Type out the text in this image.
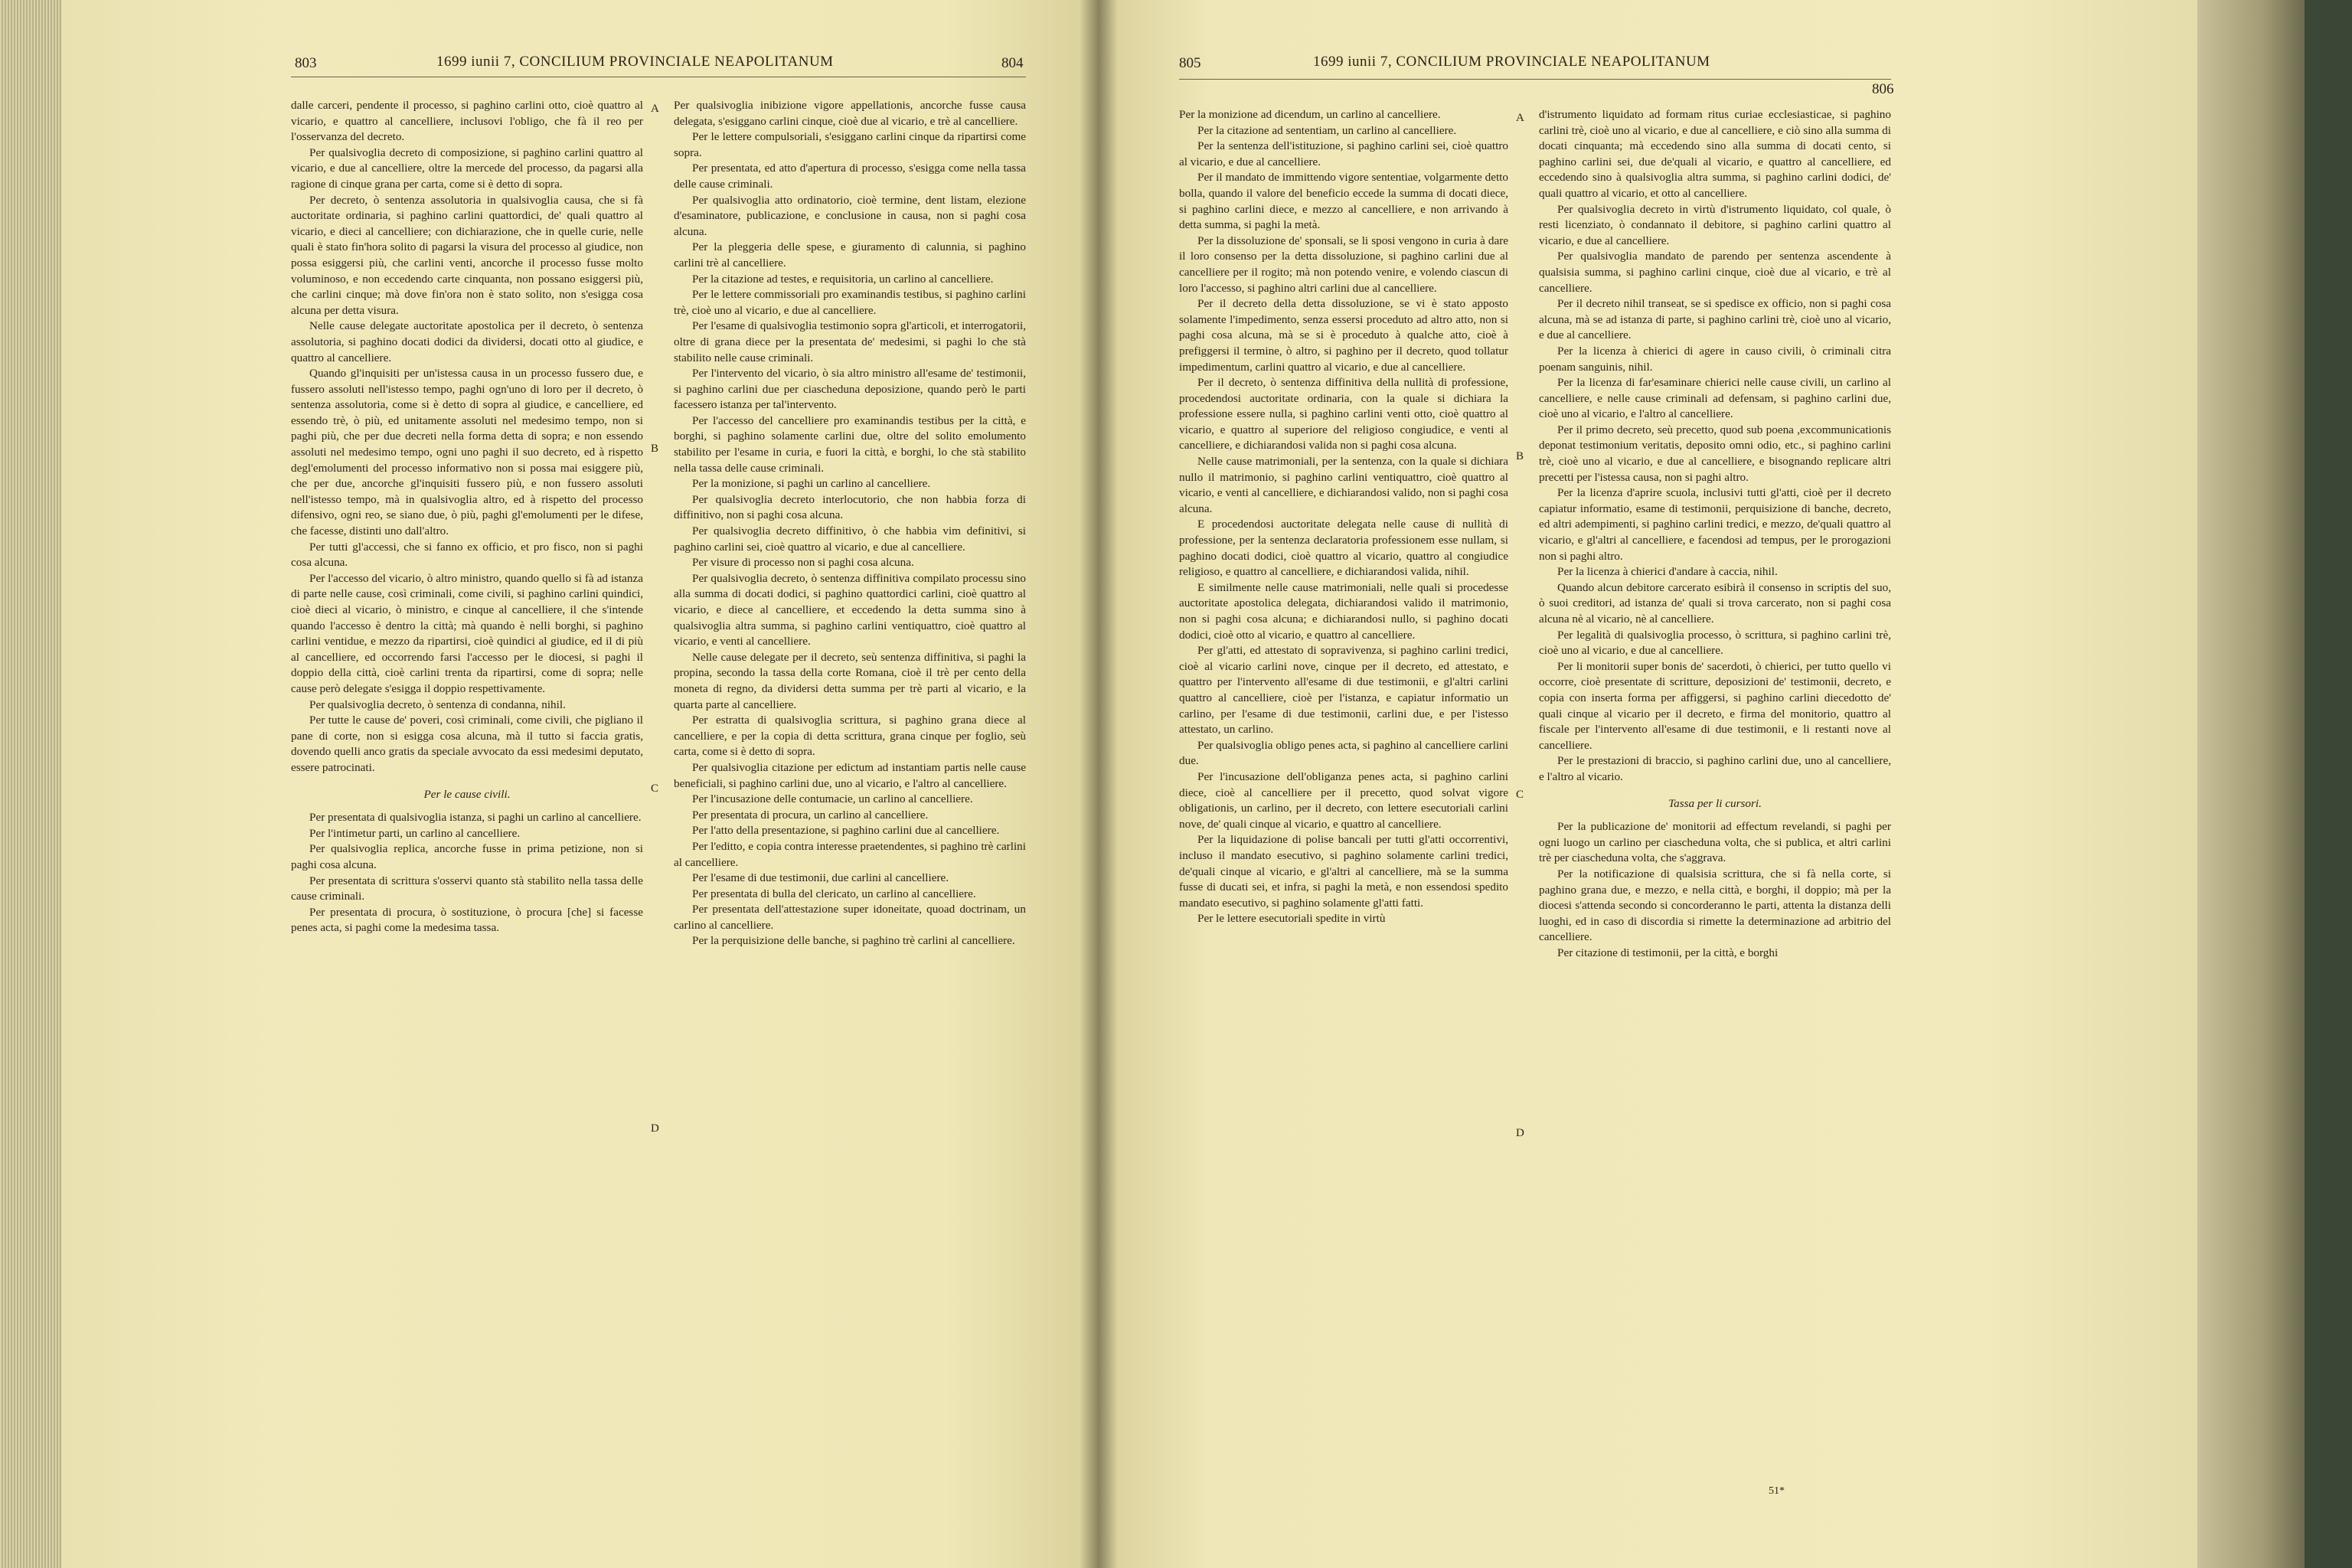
803	1699 iunii 7, CONCILIUM PROVINCIALE NEAPOLITANUM	804

dalle carceri, pendente il processo, si paghino carlini otto, cioè quattro al vicario, e quattro al cancelliere, inclusovi l'obligo, che fà il reo per l'osservanza del decreto.

Per qualsivoglia decreto di composizione, si paghino carlini quattro al vicario, e due al cancelliere, oltre la mercede del processo, da pagarsi alla ragione di cinque grana per carta, come si è detto di sopra.

Per decreto, ò sentenza assolutoria in qualsivoglia causa, che si fà auctoritate ordinaria, si paghino carlini quattordici, de' quali quattro al vicario, e dieci al cancelliere; con dichiarazione, che in quelle curie, nelle quali è stato fin'hora solito di pagarsi la visura del processo al giudice, non possa esiggersi più, che carlini venti, ancorche il processo fusse molto voluminoso, e non eccedendo carte cinquanta, non possano esiggersi più, che carlini cinque; mà dove fin'ora non è stato solito, non s'esigga cosa alcuna per detta visura.

Nelle cause delegate auctoritate apostolica per il decreto, ò sentenza assolutoria, si paghino docati dodici da dividersi, docati otto al giudice, e quattro al cancelliere.

Quando gl'inquisiti per un'istessa causa in un processo fussero due, e fussero assoluti nell'istesso tempo, paghi ogn'uno di loro per il decreto, ò sentenza assolutoria, come si è detto di sopra al giudice, e cancelliere, ed essendo trè, ò più, ed unitamente assoluti nel medesimo tempo, non si paghi più, che per due decreti nella forma detta di sopra; e non essendo assoluti nel medesimo tempo, ogni uno paghi il suo decreto, ed à rispetto degl'emolumenti del processo informativo non si possa mai esiggere più, che per due, ancorche gl'inquisiti fussero più, e non fussero assoluti nell'istesso tempo, mà in qualsivoglia altro, ed à rispetto del processo difensivo, ogni reo, se siano due, ò più, paghi gl'emolumenti per le difese, che facesse, distinti uno dall'altro.

Per tutti gl'accessi, che si fanno ex officio, et pro fisco, non si paghi cosa alcuna.

Per l'accesso del vicario, ò altro ministro, quando quello si fà ad istanza di parte nelle cause, così criminali, come civili, si paghino carlini quindici, cioè dieci al vicario, ò ministro, e cinque al cancelliere, il che s'intende quando l'accesso è dentro la città; mà quando è nelli borghi, si paghino carlini ventidue, e mezzo da ripartirsi, cioè quindici al giudice, ed il di più al cancelliere, ed occorrendo farsi l'accesso per le diocesi, si paghi il doppio della città, cioè carlini trenta da ripartirsi, come di sopra; nelle cause però delegate s'esigga il doppio respettivamente.

Per qualsivoglia decreto, ò sentenza di condanna, nihil.

Per tutte le cause de' poveri, così criminali, come civili, che pigliano il pane di corte, non si esigga cosa alcuna, mà il tutto si faccia gratis, dovendo quelli anco gratis da speciale avvocato da essi medesimi deputato, essere patrocinati.

Per le cause civili.

Per presentata di qualsivoglia istanza, si paghi un carlino al cancelliere.

Per l'intimetur parti, un carlino al cancelliere.

Per qualsivoglia replica, ancorche fusse in prima petizione, non si paghi cosa alcuna.

Per presentata di scrittura s'osservi quanto stà stabilito nella tassa delle cause criminali.

Per presentata di procura, ò sostituzione, ò procura [che] si facesse penes acta, si paghi come la medesima tassa.

Per qualsivoglia inibizione vigore appellationis, ancorche fusse causa delegata, s'esiggano carlini cinque, cioè due al vicario, e trè al cancelliere.

Per le lettere compulsoriali, s'esiggano carlini cinque da ripartirsi come sopra.

Per presentata, ed atto d'apertura di processo, s'esigga come nella tassa delle cause criminali.

Per qualsivoglia atto ordinatorio, cioè termine, dent listam, elezione d'esaminatore, publicazione, e conclusione in causa, non si paghi cosa alcuna.

Per la pleggeria delle spese, e giuramento di calunnia, si paghino carlini trè al cancelliere.

Per la citazione ad testes, e requisitoria, un carlino al cancelliere.

Per le lettere commissoriali pro examinandis testibus, si paghino carlini trè, cioè uno al vicario, e due al cancelliere.

Per l'esame di qualsivoglia testimonio sopra gl'articoli, et interrogatorii, oltre di grana diece per la presentata de' medesimi, si paghi lo che stà stabilito nelle cause criminali.

Per l'intervento del vicario, ò sia altro ministro all'esame de' testimonii, si paghino carlini due per ciascheduna deposizione, quando però le parti facessero istanza per tal'intervento.

Per l'accesso del cancelliere pro examinandis testibus per la città, e borghi, si paghino solamente carlini due, oltre del solito emolumento stabilito per l'esame in curia, e fuori la città, e borghi, lo che stà stabilito nella tassa delle cause criminali.

Per la monizione, si paghi un carlino al cancelliere.

Per qualsivoglia decreto interlocutorio, che non habbia forza di diffinitivo, non si paghi cosa alcuna.

Per qualsivoglia decreto diffinitivo, ò che habbia vim definitivi, si paghino carlini sei, cioè quattro al vicario, e due al cancelliere.

Per visure di processo non si paghi cosa alcuna.

Per qualsivoglia decreto, ò sentenza diffinitiva compilato processu sino alla summa di docati dodici, si paghino quattordici carlini, cioè quattro al vicario, e diece al cancelliere, et eccedendo la detta summa sino à qualsivoglia altra summa, si paghino carlini ventiquattro, cioè quattro al vicario, e venti al cancelliere.

Nelle cause delegate per il decreto, seù sentenza diffinitiva, si paghi la propina, secondo la tassa della corte Romana, cioè il trè per cento della moneta di regno, da dividersi detta summa per trè parti al vicario, e la quarta parte al cancelliere.

Per estratta di qualsivoglia scrittura, si paghino grana diece al cancelliere, e per la copia di detta scrittura, grana cinque per foglio, seù carta, come si è detto di sopra.

Per qualsivoglia citazione per edictum ad instantiam partis nelle cause beneficiali, si paghino carlini due, uno al vicario, e l'altro al cancelliere.

Per l'incusazione delle contumacie, un carlino al cancelliere.

Per presentata di procura, un carlino al cancelliere.

Per l'atto della presentazione, si paghino carlini due al cancelliere.

Per l'editto, e copia contra interesse praetendentes, si paghino trè carlini al cancelliere.

Per l'esame di due testimonii, due carlini al cancelliere.

Per presentata di bulla del clericato, un carlino al cancelliere.

Per presentata dell'attestazione super idoneitate, quoad doctrinam, un carlino al cancelliere.

Per la perquisizione delle banche, si paghino trè carlini al cancelliere.

A
B
C
D
805	1699 iunii 7, CONCILIUM PROVINCIALE NEAPOLITANUM
806

Per la monizione ad dicendum, un carlino al cancelliere.

Per la citazione ad sententiam, un carlino al cancelliere.

Per la sentenza dell'istituzione, si paghino carlini sei, cioè quattro al vicario, e due al cancelliere.

Per il mandato de immittendo vigore sententiae, volgarmente detto bolla, quando il valore del beneficio eccede la summa di docati diece, si paghino carlini diece, e mezzo al cancelliere, e non arrivando à detta summa, si paghi la metà.

Per la dissoluzione de' sponsali, se li sposi vengono in curia à dare il loro consenso per la detta dissoluzione, si paghino carlini due al cancelliere per il rogito; mà non potendo venire, e volendo ciascun di loro l'accesso, si paghino altri carlini due al cancelliere.

Per il decreto della detta dissoluzione, se vi è stato apposto solamente l'impedimento, senza essersi proceduto ad altro atto, non si paghi cosa alcuna, mà se si è proceduto à qualche atto, cioè à prefiggersi il termine, ò altro, si paghino per il decreto, quod tollatur impedimentum, carlini quattro al vicario, e due al cancelliere.

Per il decreto, ò sentenza diffinitiva della nullità di professione, procedendosi auctoritate ordinaria, con la quale si dichiara la professione essere nulla, si paghino carlini venti otto, cioè quattro al vicario, e quattro al superiore del religioso congiudice, e venti al cancelliere, e dichiarandosi valida non si paghi cosa alcuna.

Nelle cause matrimoniali, per la sentenza, con la quale si dichiara nullo il matrimonio, si paghino carlini ventiquattro, cioè quattro al vicario, e venti al cancelliere, e dichiarandosi valido, non si paghi cosa alcuna.

E procedendosi auctoritate delegata nelle cause di nullità di professione, per la sentenza declaratoria professionem esse nullam, si paghino docati dodici, cioè quattro al vicario, quattro al congiudice religioso, e quattro al cancelliere, e dichiarandosi valida, nihil.

E similmente nelle cause matrimoniali, nelle quali si procedesse auctoritate apostolica delegata, dichiarandosi valido il matrimonio, non si paghi cosa alcuna; e dichiarandosi nullo, si paghino docati dodici, cioè otto al vicario, e quattro al cancelliere.

Per gl'atti, ed attestato di sopravivenza, si paghino carlini tredici, cioè al vicario carlini nove, cinque per il decreto, ed attestato, e quattro per l'intervento all'esame di due testimonii, e gl'altri carlini quattro al cancelliere, cioè per l'istanza, e capiatur informatio un carlino, per l'esame di due testimonii, carlini due, e per l'istesso attestato, un carlino.

Per qualsivoglia obligo penes acta, si paghino al cancelliere carlini due.

Per l'incusazione dell'obliganza penes acta, si paghino carlini diece, cioè al cancelliere per il precetto, quod solvat vigore obligationis, un carlino, per il decreto, con lettere esecutoriali carlini nove, de' quali cinque al vicario, e quattro al cancelliere.

Per la liquidazione di polise bancali per tutti gl'atti occorrentivi, incluso il mandato esecutivo, si paghino solamente carlini tredici, de'quali cinque al vicario, e gl'altri al cancelliere, mà se la summa fusse di ducati sei, et infra, si paghi la metà, e non essendosi spedito mandato esecutivo, si paghino solamente gl'atti fatti.

Per le lettere esecutoriali spedite in virtù

d'istrumento liquidato ad formam ritus curiae ecclesiasticae, si paghino carlini trè, cioè uno al vicario, e due al cancelliere, e ciò sino alla summa di docati cinquanta; mà eccedendo sino alla summa di docati cento, si paghino carlini sei, due de'quali al vicario, e quattro al cancelliere, ed eccedendo sino à qualsivoglia altra summa, si paghino carlini dodici, de' quali quattro al vicario, et otto al cancelliere.

Per qualsivoglia decreto in virtù d'istrumento liquidato, col quale, ò resti licenziato, ò condannato il debitore, si paghino carlini quattro al vicario, e due al cancelliere.

Per qualsivoglia mandato de parendo per sentenza ascendente à qualsisia summa, si paghino carlini cinque, cioè due al vicario, e trè al cancelliere.

Per il decreto nihil transeat, se si spedisce ex officio, non si paghi cosa alcuna, mà se ad istanza di parte, si paghino carlini trè, cioè uno al vicario, e due al cancelliere.

Per la licenza à chierici di agere in causo civili, ò criminali citra poenam sanguinis, nihil.

Per la licenza di far'esaminare chierici nelle cause civili, un carlino al cancelliere, e nelle cause criminali ad defensam, si paghino carlini due, cioè uno al vicario, e l'altro al cancelliere.

Per il primo decreto, seù precetto, quod sub poena ,excommunicationis deponat testimonium veritatis, deposito omni odio, etc., si paghino carlini trè, cioè uno al vicario, e due al cancelliere, e bisognando replicare altri precetti per l'istessa causa, non si paghi altro.

Per la licenza d'aprire scuola, inclusivi tutti gl'atti, cioè per il decreto capiatur informatio, esame di testimonii, perquisizione di banche, decreto, ed altri adempimenti, si paghino carlini tredici, e mezzo, de'quali quattro al vicario, e gl'altri al cancelliere, e facendosi ad tempus, per le prorogazioni non si paghi altro.

Per la licenza à chierici d'andare à caccia, nihil.

Quando alcun debitore carcerato esibirà il consenso in scriptis del suo, ò suoi creditori, ad istanza de' quali si trova carcerato, non si paghi cosa alcuna nè al vicario, nè al cancelliere.

Per legalità di qualsivoglia processo, ò scrittura, si paghino carlini trè, cioè uno al vicario, e due al cancelliere.

Per li monitorii super bonis de' sacerdoti, ò chierici, per tutto quello vi occorre, cioè presentate di scritture, deposizioni de' testimonii, decreto, e copia con inserta forma per affiggersi, si paghino carlini diecedotto de' quali cinque al vicario per il decreto, e firma del monitorio, quattro al fiscale per l'intervento all'esame di due testimonii, e li restanti nove al cancelliere.

Per le prestazioni di braccio, si paghino carlini due, uno al cancelliere, e l'altro al vicario.

Tassa per li cursori.

Per la publicazione de' monitorii ad effectum revelandi, si paghi per ogni luogo un carlino per ciascheduna volta, che si publica, et altri carlini trè per ciascheduna volta, che s'aggrava.

Per la notificazione di qualsisia scrittura, che si fà nella corte, si paghino grana due, e mezzo, e nella città, e borghi, il doppio; mà per la diocesi s'attenda secondo si concorderanno le parti, attenta la distanza delli luoghi, ed in caso di discordia si rimette la determinazione ad arbitrio del cancelliere.

Per citazione di testimonii, per la città, e borghi

A
B
C
D
51*
